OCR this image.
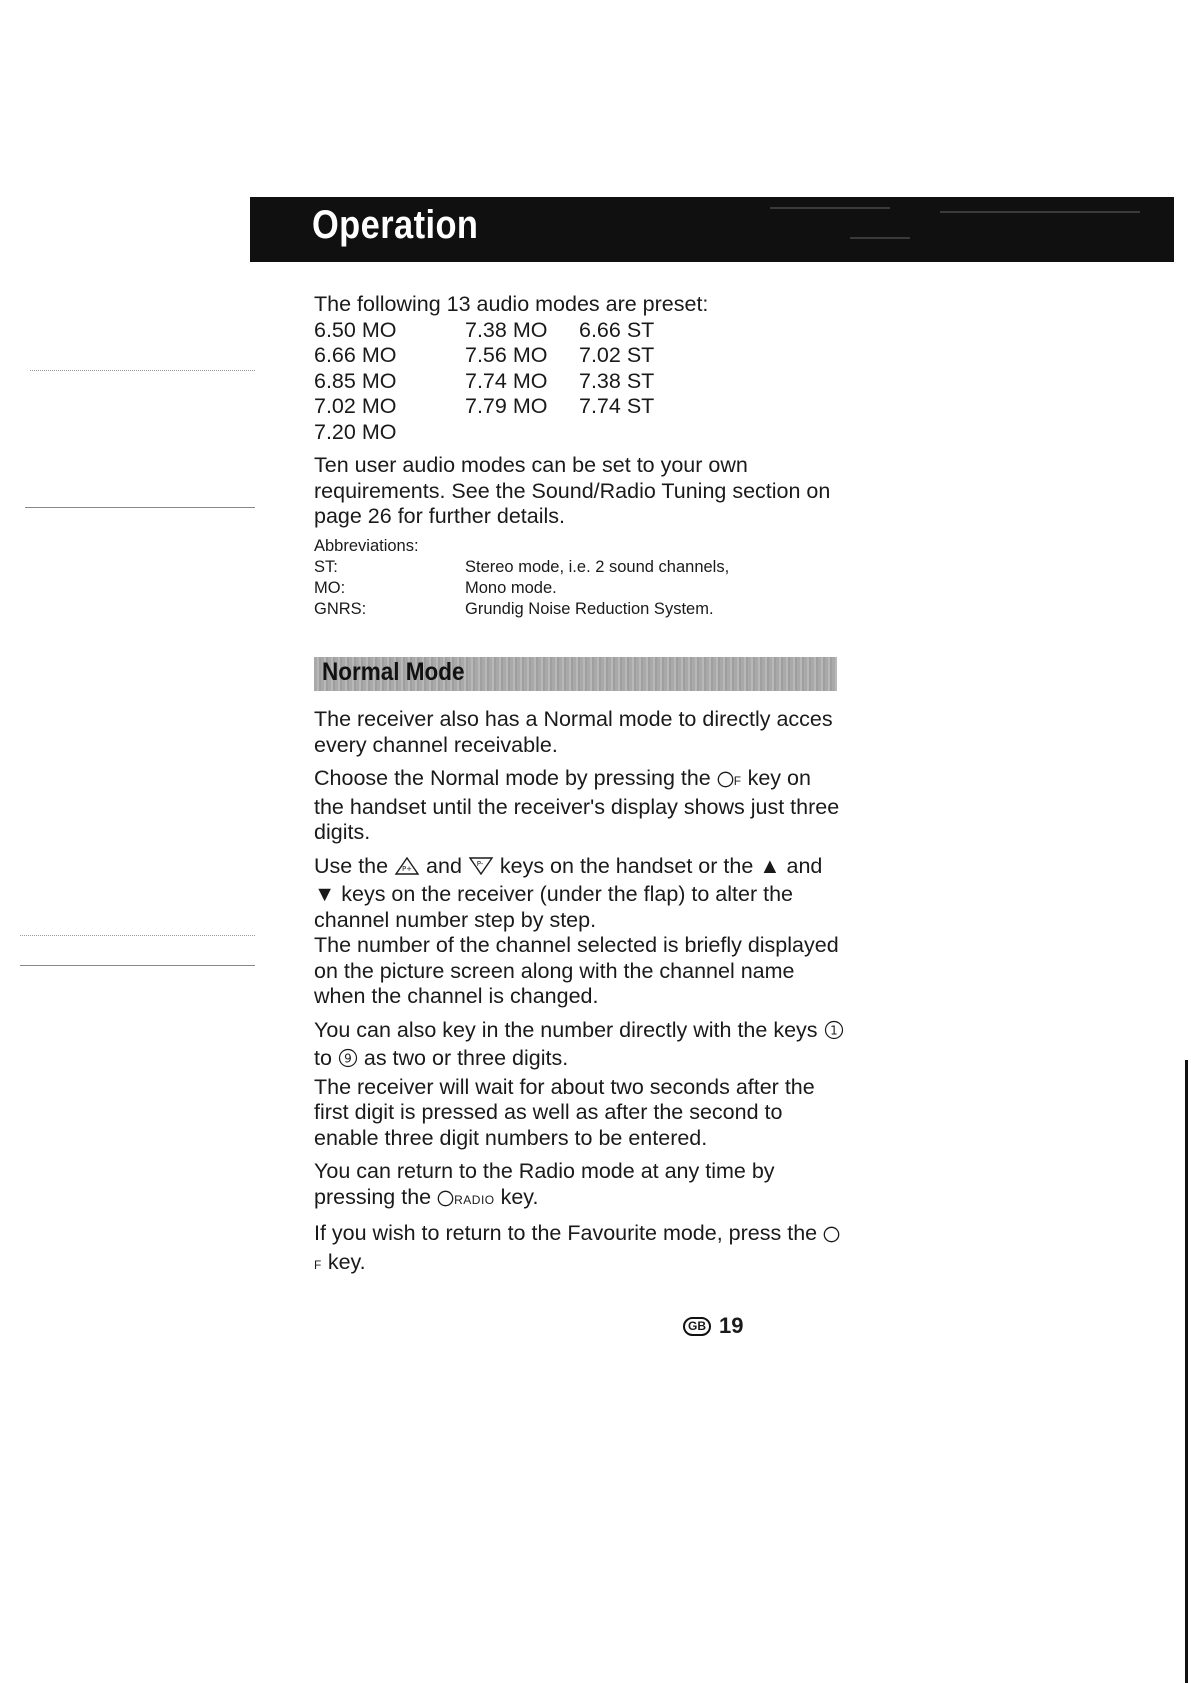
Operation

The following 13 audio modes are preset:

6.50 MO	7.38 MO	6.66 ST
6.66 MO	7.56 MO	7.02 ST
6.85 MO	7.74 MO	7.38 ST
7.02 MO	7.79 MO	7.74 ST
7.20 MO

Ten user audio modes can be set to your own requirements. See the Sound/Radio Tuning section on page 26 for further details.

Abbreviations:
ST:	Stereo mode, i.e. 2 sound channels,
MO:	Mono mode.
GNRS:	Grundig Noise Reduction System.
Normal Mode

The receiver also has a Normal mode to directly acces every channel receivable.

Choose the Normal mode by pressing the F key on the handset until the receiver's display shows just three digits.

Use the P+ and P- keys on the handset or the ▲ and ▼ keys on the receiver (under the flap) to alter the channel number step by step.

The number of the channel selected is briefly displayed on the picture screen along with the channel name when the channel is changed.

You can also key in the number directly with the keys 1
to 9 as two or three digits.

The receiver will wait for about two seconds after the first digit is pressed as well as after the second to enable three digit numbers to be entered.

You can return to the Radio mode at any time by pressing the RADIO key.

If you wish to return to the Favourite mode, press the F key.

GB 19
